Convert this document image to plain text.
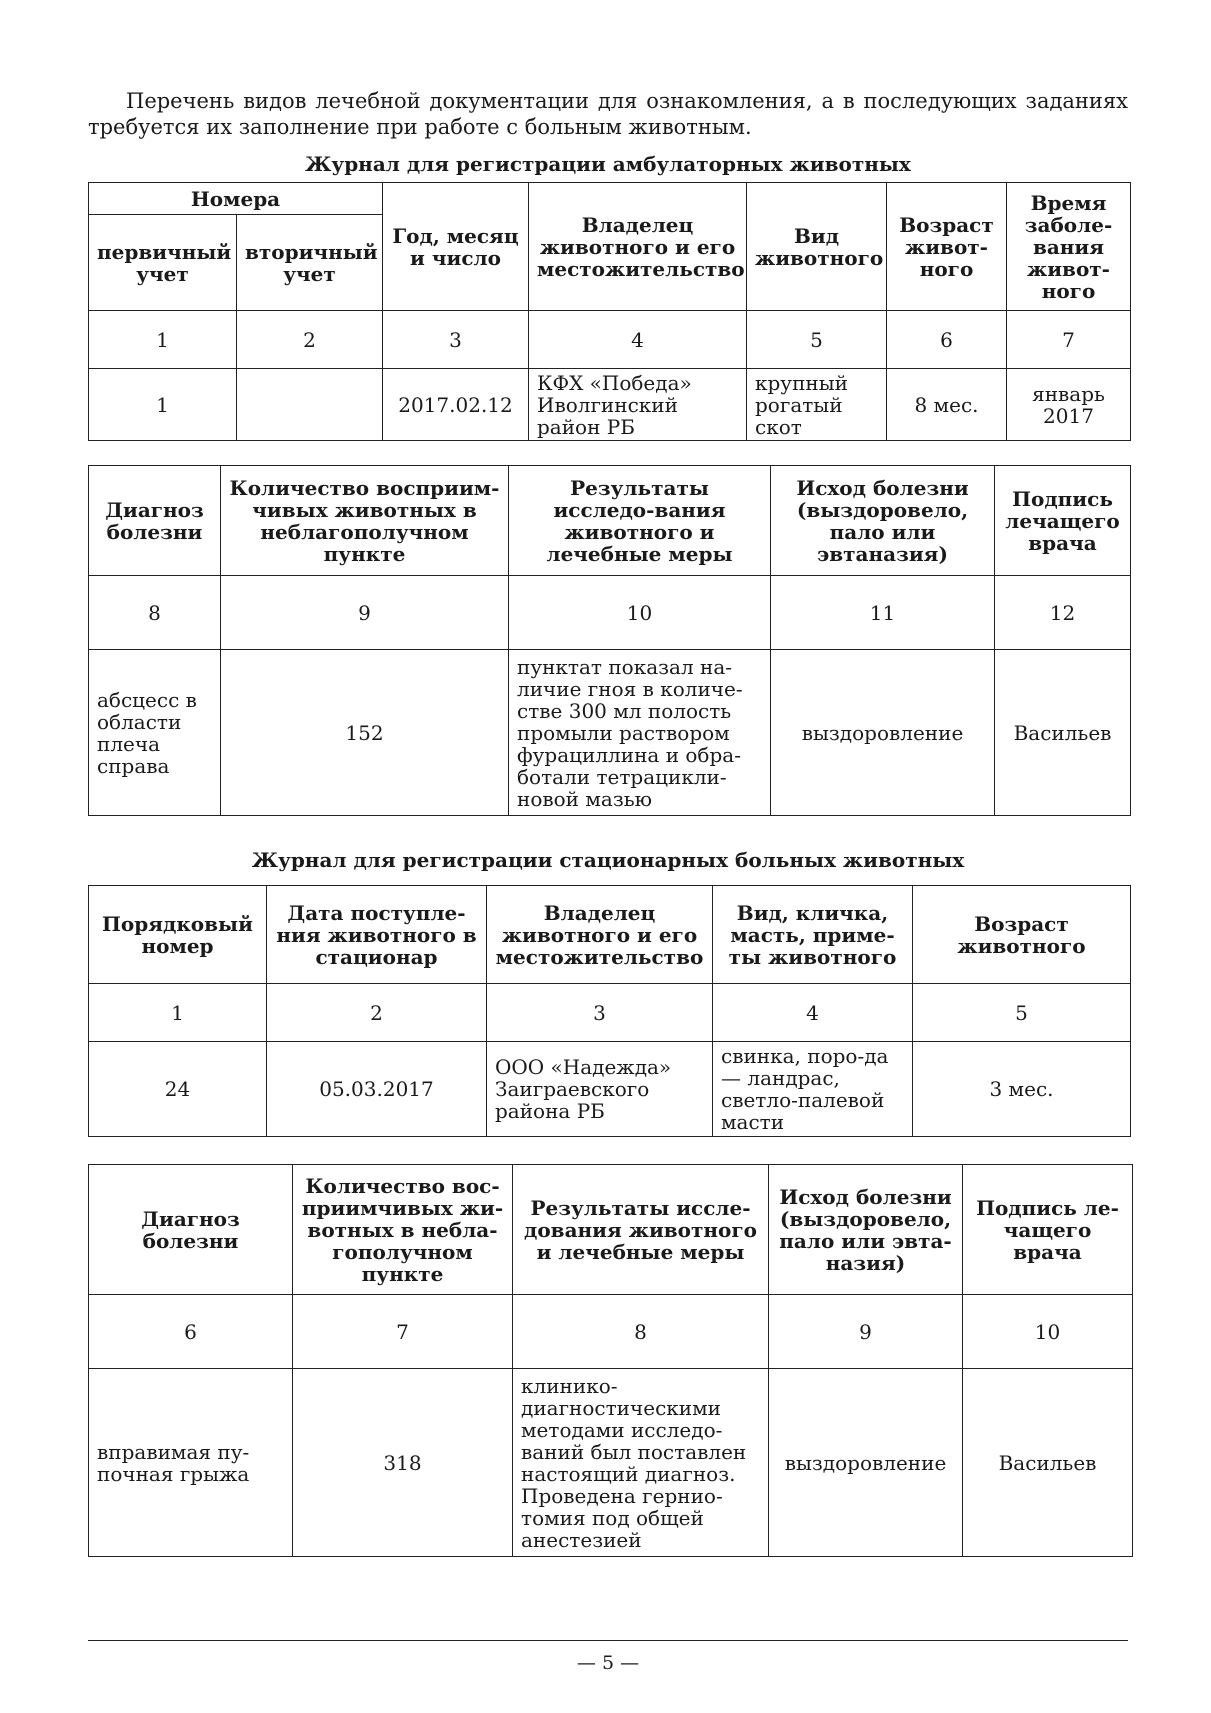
Перечень видов лечебной документации для ознакомления, а в последующих заданиях требуется их заполнение при работе с больным животным.

Журнал для регистрации амбулаторных животных

Номера		Год, месяц и число	Владелец животного и его местожительство	Вид животного	Возраст живот-ного	Время заболе-вания живот-ного
первичный учет	вторичный учет					
1	2	3	4	5	6	7
1		2017.02.12	КФХ «Победа» Иволгинский район РБ	крупный рогатый скот	8 мес.	январь 2017
Диагноз болезни	Количество восприим-чивых животных в неблагополучном пункте	Результаты исследо-вания животного и лечебные меры	Исход болезни (выздоровело, пало или эвтаназия)	Подпись лечащего врача
8	9	10	11	12
абсцесс в области плеча справа	152	пунктат показал на-личие гноя в количе-стве 300 мл полость промыли раствором фурациллина и обра-ботали тетрацикли-новой мазью	выздоровление	Васильев

Журнал для регистрации стационарных больных животных

Порядковый номер	Дата поступле-ния животного в стационар	Владелец животного и его местожительство	Вид, кличка, масть, приме-ты животного	Возраст животного
1	2	3	4	5
24	05.03.2017	ООО «Надежда» Заиграевского района РБ	свинка, поро-да — ландрас, светло-палевой масти	3 мес.
Диагноз болезни	Количество вос-приимчивых жи-вотных в небла-гополучном пункте	Результаты иссле-дования животного и лечебные меры	Исход болезни (выздоровело, пало или эвта-назия)	Подпись ле-чащего врача
6	7	8	9	10
вправимая пу-почная грыжа	318	клинико-диагностическими методами исследо-ваний был поставлен настоящий диагноз. Проведена герниo-томия под общей анестезией	выздоровление	Васильев
— 5 —
